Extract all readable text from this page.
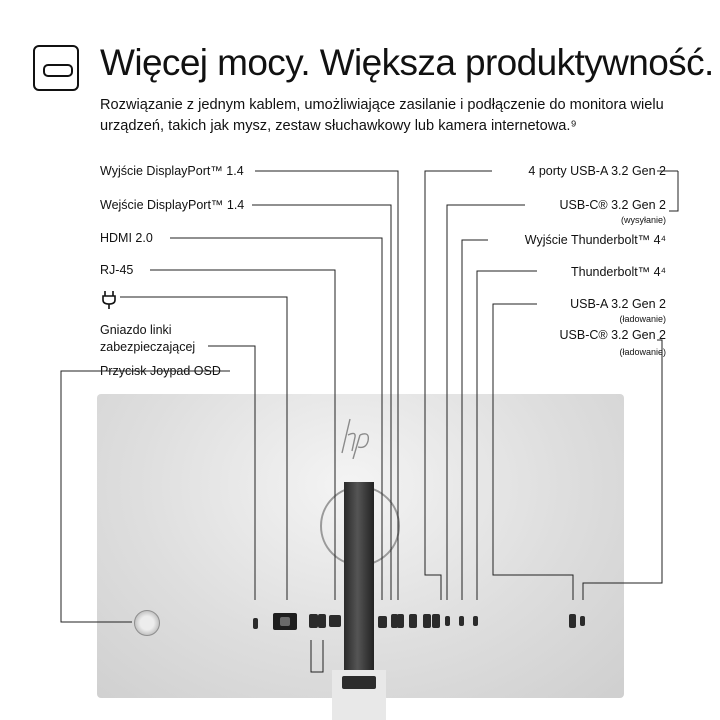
Więcej mocy. Większa produktywność.
Rozwiązanie z jednym kablem, umożliwiające zasilanie i podłączenie do monitora wielu urządzeń, takich jak mysz, zestaw słuchawkowy lub kamera internetowa.⁹
Wyjście DisplayPort™ 1.4
Wejście DisplayPort™ 1.4
HDMI 2.0
RJ-45
Gniazdo linki
zabezpieczającej
Przycisk Joypad OSD
4 porty USB-A 3.2 Gen 2
USB-C® 3.2 Gen 2
(wysyłanie)
Wyjście Thunderbolt™ 4⁴
Thunderbolt™ 4⁴
USB-A 3.2 Gen 2
(ładowanie)
USB-C® 3.2 Gen 2
(ładowanie)
